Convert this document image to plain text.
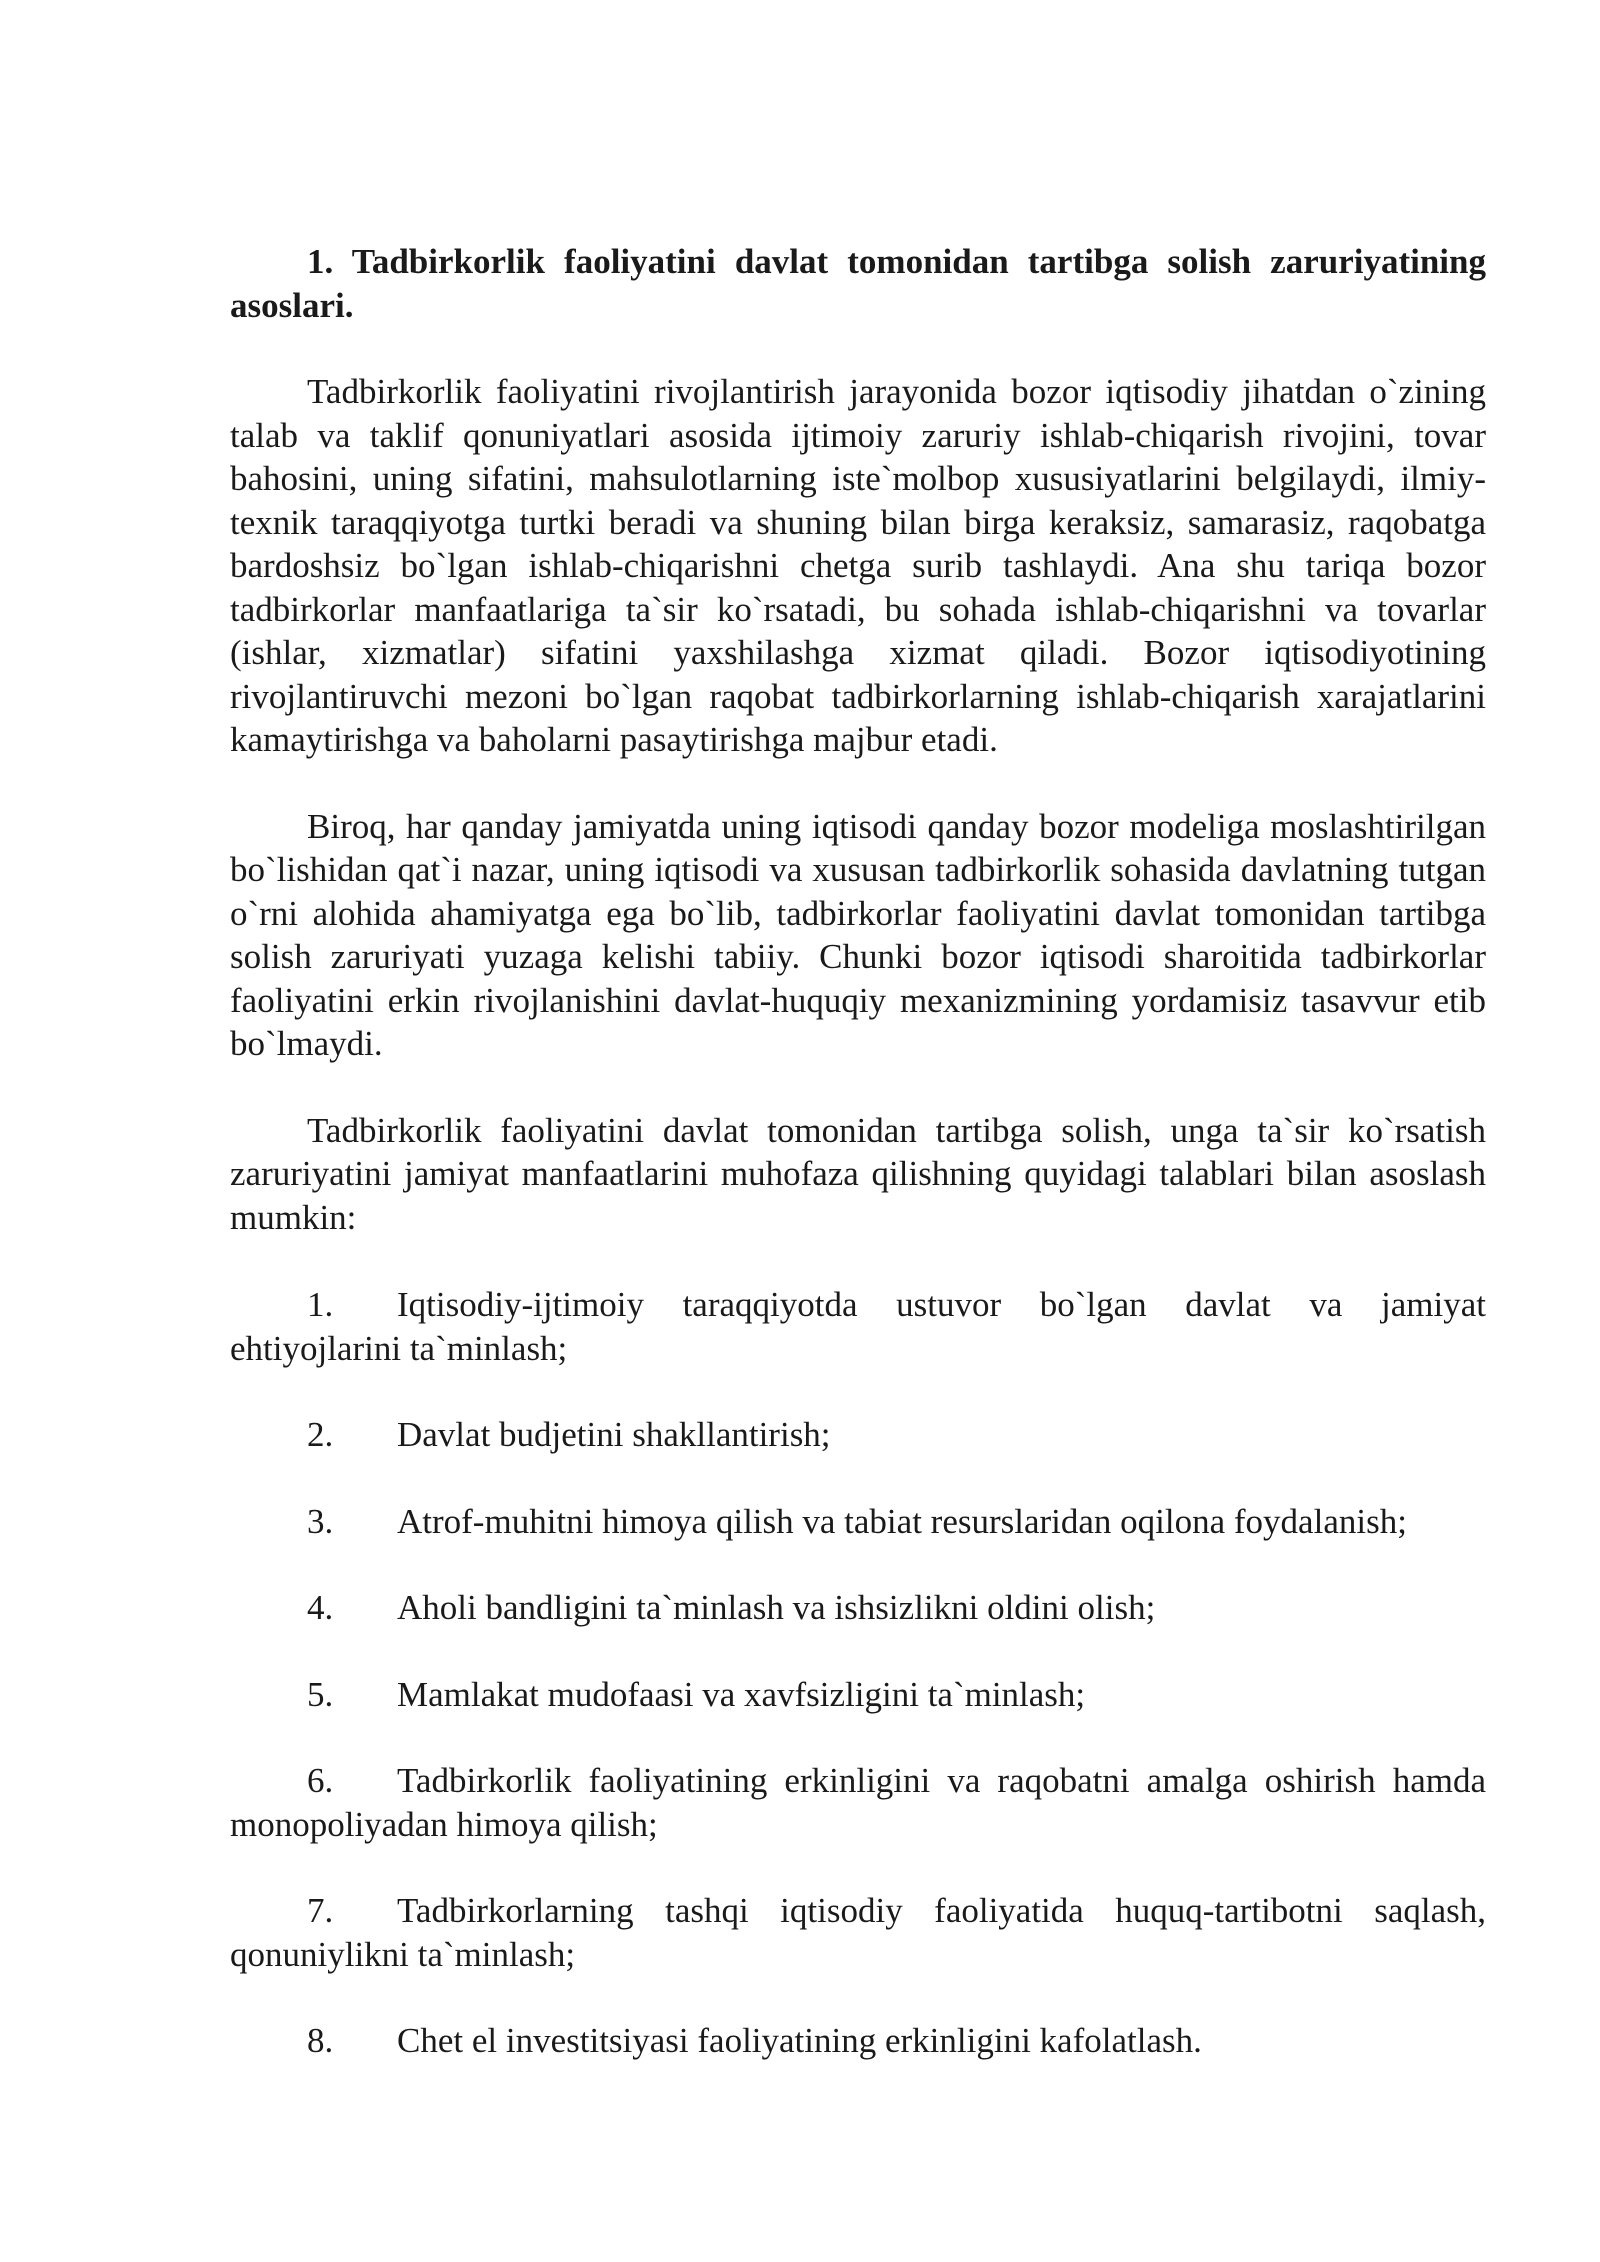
1. Tadbirkorlik faoliyatini davlat tomonidan tartibga solish zaruriyatining asoslari.

Tadbirkorlik faoliyatini rivojlantirish jarayonida bozor iqtisodiy jihatdan o`zining talab va taklif qonuniyatlari asosida ijtimoiy zaruriy ishlab-chiqarish rivojini, tovar bahosini, uning sifatini, mahsulotlarning iste`molbop xususiyatlarini belgilaydi, ilmiy-texnik taraqqiyotga turtki beradi va shuning bilan birga keraksiz, samarasiz, raqobatga bardoshsiz bo`lgan ishlab-chiqarishni chetga surib tashlaydi. Ana shu tariqa bozor tadbirkorlar manfaatlariga ta`sir ko`rsatadi, bu sohada ishlab-chiqarishni va tovarlar (ishlar, xizmatlar) sifatini yaxshilashga xizmat qiladi. Bozor iqtisodiyotining rivojlantiruvchi mezoni bo`lgan raqobat tadbirkorlarning ishlab-chiqarish xarajatlarini kamaytirishga va baholarni pasaytirishga majbur etadi.

Biroq, har qanday jamiyatda uning iqtisodi qanday bozor modeliga moslashtirilgan bo`lishidan qat`i nazar, uning iqtisodi va xususan tadbirkorlik sohasida davlatning tutgan o`rni alohida ahamiyatga ega bo`lib, tadbirkorlar faoliyatini davlat tomonidan tartibga solish zaruriyati yuzaga kelishi tabiiy. Chunki bozor iqtisodi sharoitida tadbirkorlar faoliyatini erkin rivojlanishini davlat-huquqiy mexanizmining yordamisiz tasavvur etib bo`lmaydi.

Tadbirkorlik faoliyatini davlat tomonidan tartibga solish, unga ta`sir ko`rsatish zaruriyatini jamiyat manfaatlarini muhofaza qilishning quyidagi talablari bilan asoslash mumkin:

1. Iqtisodiy-ijtimoiy taraqqiyotda ustuvor bo`lgan davlat va jamiyat ehtiyojlarini ta`minlash;
2. Davlat budjetini shakllantirish;
3. Atrof-muhitni himoya qilish va tabiat resurslaridan oqilona foydalanish;
4. Aholi bandligini ta`minlash va ishsizlikni oldini olish;
5. Mamlakat mudofaasi va xavfsizligini ta`minlash;
6. Tadbirkorlik faoliyatining erkinligini va raqobatni amalga oshirish hamda monopoliyadan himoya qilish;
7. Tadbirkorlarning tashqi iqtisodiy faoliyatida huquq-tartibotni saqlash, qonuniylikni ta`minlash;
8. Chet el investitsiyasi faoliyatining erkinligini kafolatlash.
